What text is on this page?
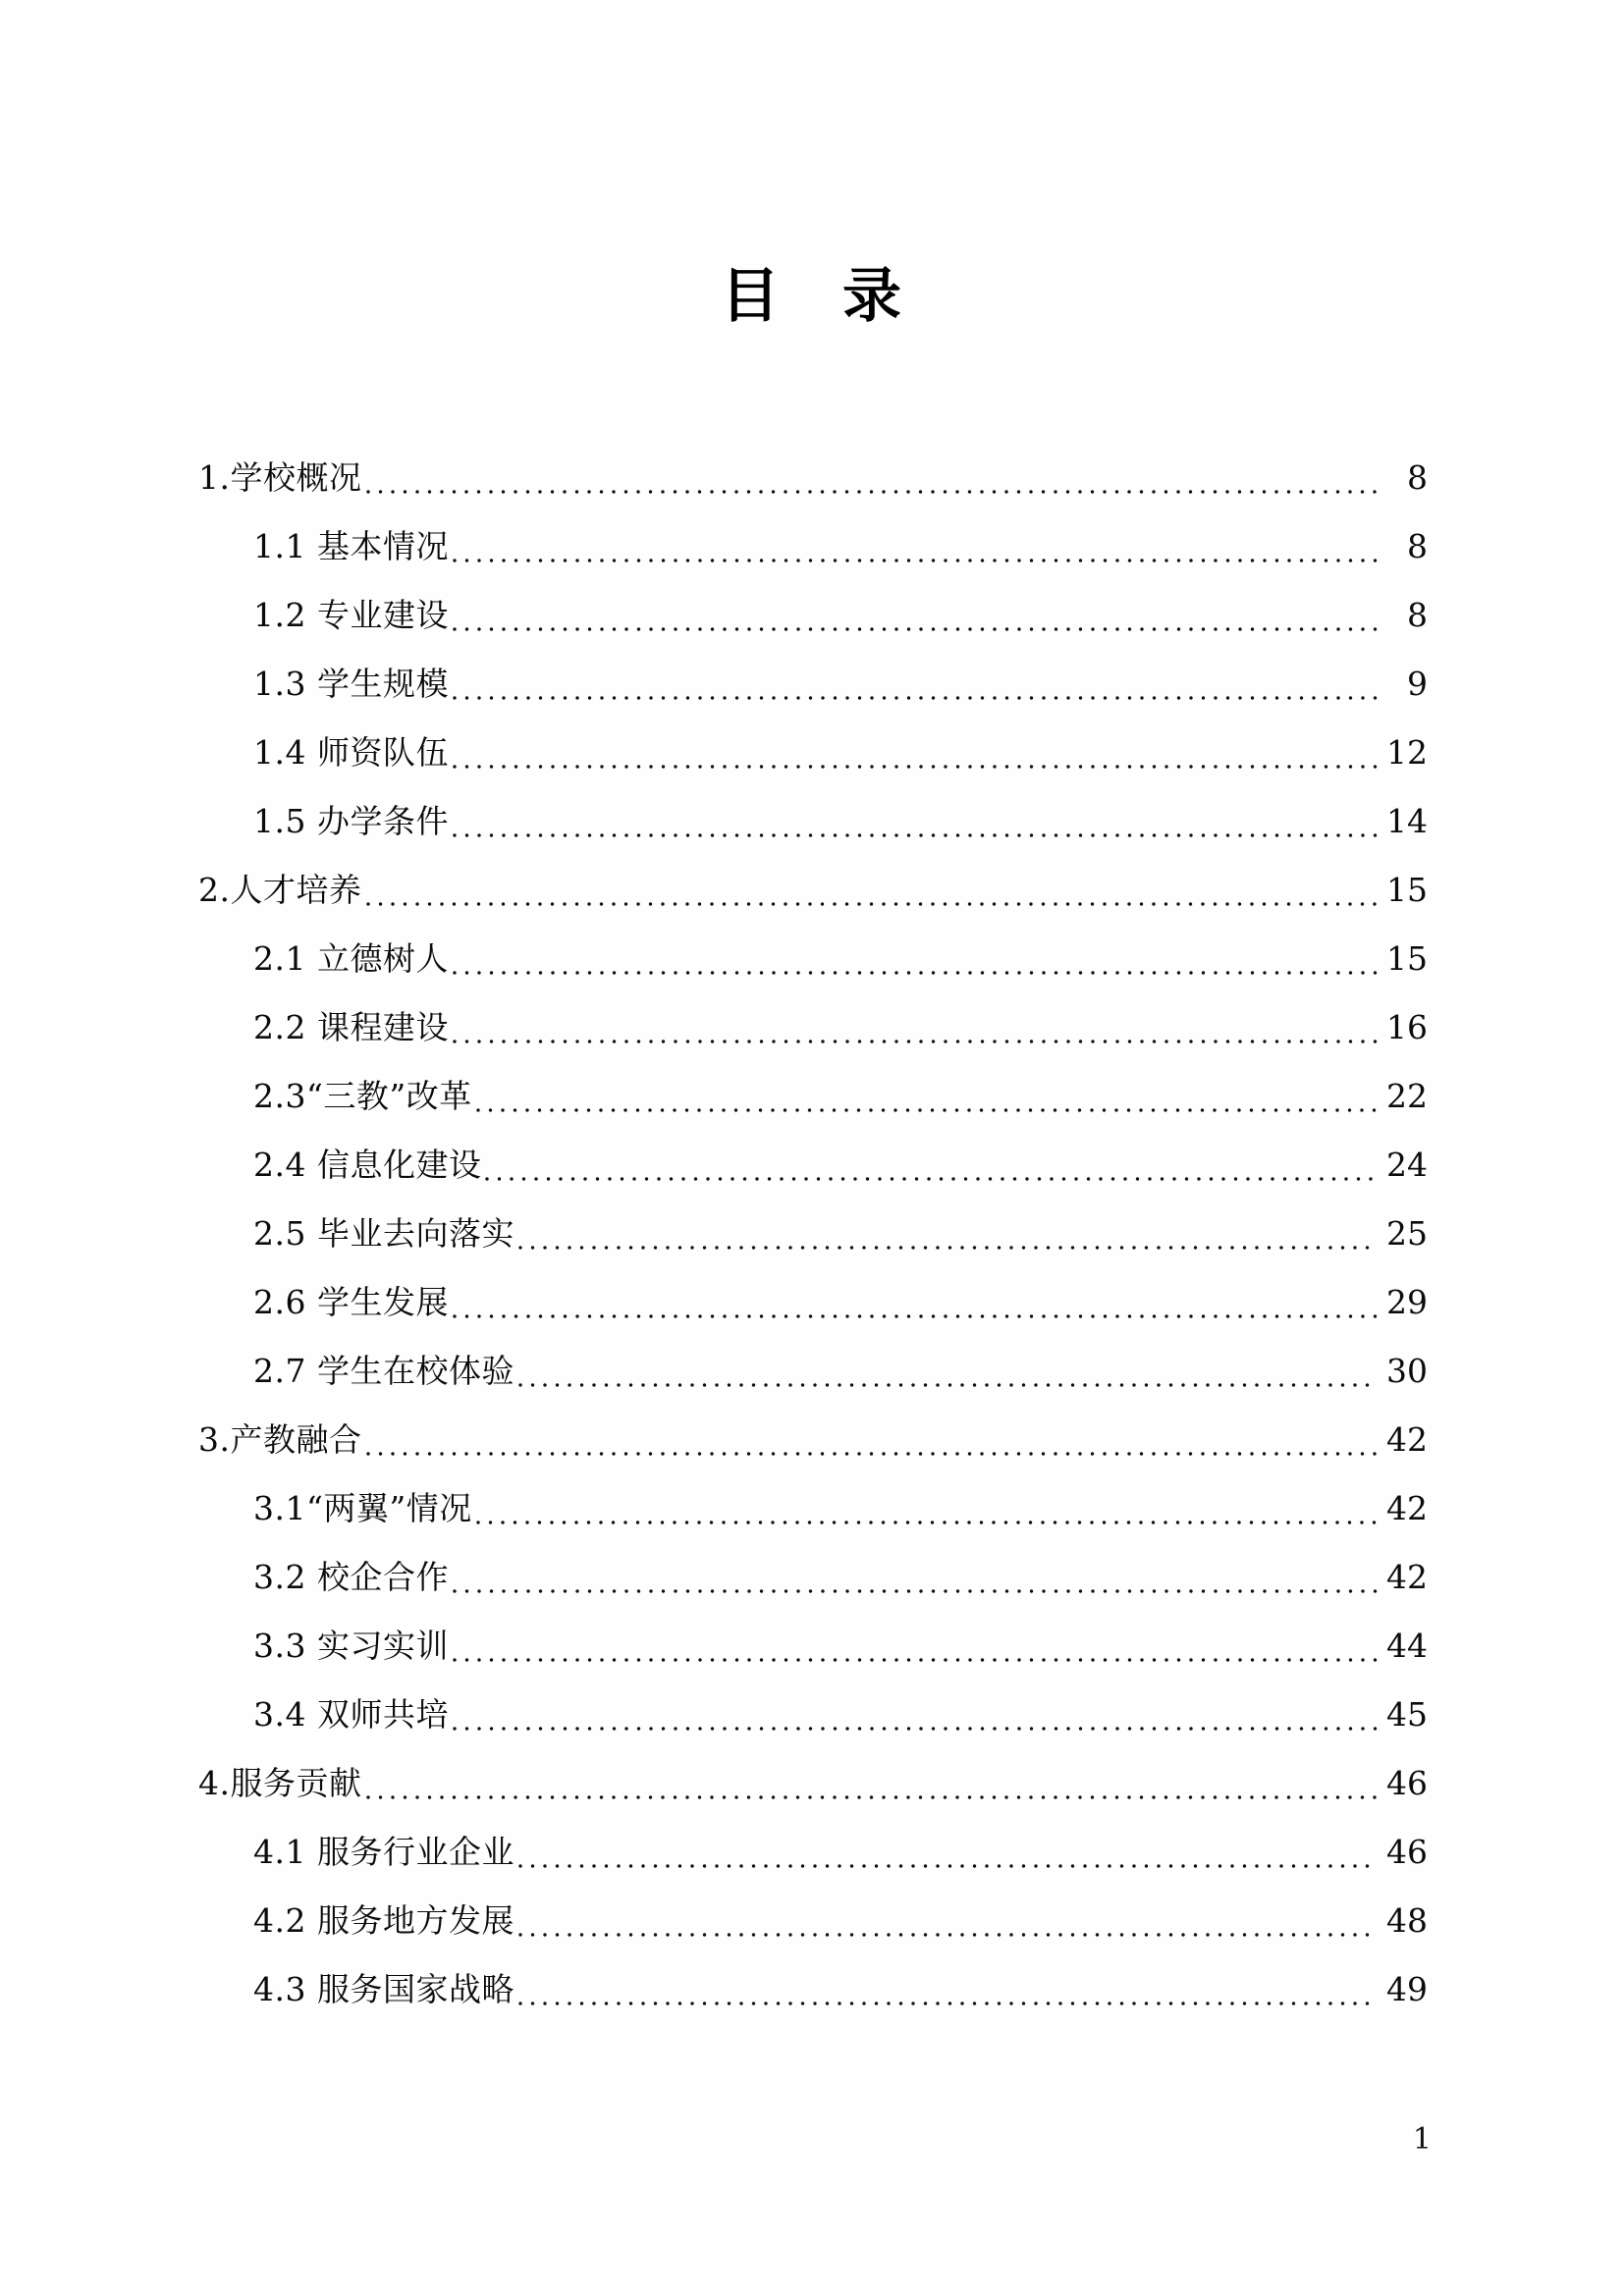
目　录
1.学校概况	8
1.1 基本情况	8
1.2 专业建设	8
1.3 学生规模	9
1.4 师资队伍	12
1.5 办学条件	14
2.人才培养	15
2.1 立德树人	15
2.2 课程建设	16
2.3“三教”改革	22
2.4 信息化建设	24
2.5 毕业去向落实	25
2.6 学生发展	29
2.7 学生在校体验	30
3.产教融合	42
3.1“两翼”情况	42
3.2 校企合作	42
3.3 实习实训	44
3.4 双师共培	45
4.服务贡献	46
4.1 服务行业企业	46
4.2 服务地方发展	48
4.3 服务国家战略	49
1
